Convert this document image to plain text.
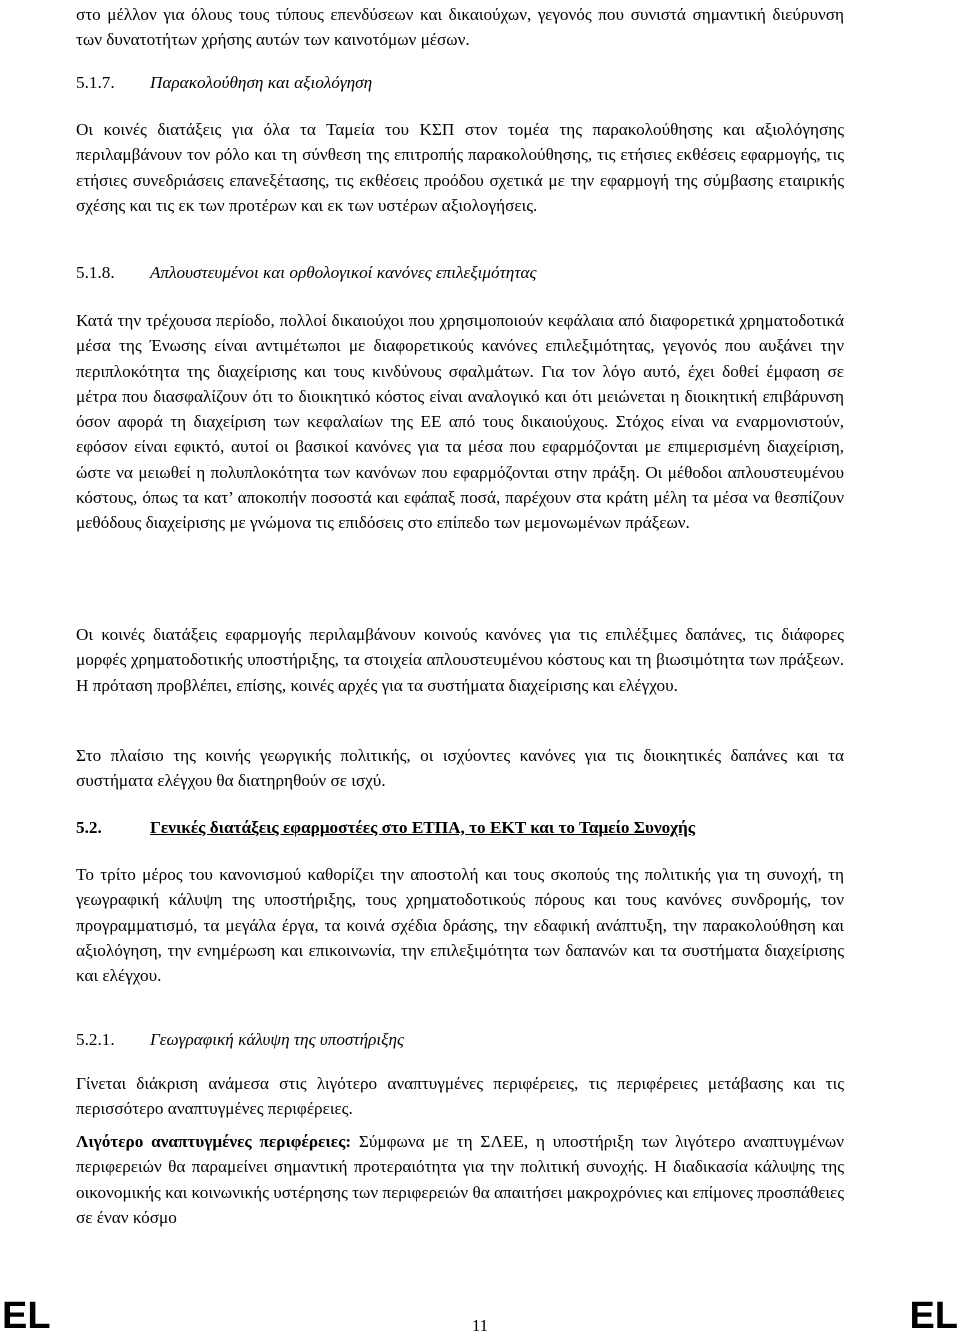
στο μέλλον για όλους τους τύπους επενδύσεων και δικαιούχων, γεγονός που συνιστά σημαντική διεύρυνση των δυνατοτήτων χρήσης αυτών των καινοτόμων μέσων.

5.1.7.	Παρακολούθηση και αξιολόγηση

Οι κοινές διατάξεις για όλα τα Ταμεία του ΚΣΠ στον τομέα της παρακολούθησης και αξιολόγησης περιλαμβάνουν τον ρόλο και τη σύνθεση της επιτροπής παρακολούθησης, τις ετήσιες εκθέσεις εφαρμογής, τις ετήσιες συνεδριάσεις επανεξέτασης, τις εκθέσεις προόδου σχετικά με την εφαρμογή της σύμβασης εταιρικής σχέσης και τις εκ των προτέρων και εκ των υστέρων αξιολογήσεις.

5.1.8.	Απλουστευμένοι και ορθολογικοί κανόνες επιλεξιμότητας

Κατά την τρέχουσα περίοδο, πολλοί δικαιούχοι που χρησιμοποιούν κεφάλαια από διαφορετικά χρηματοδοτικά μέσα της Ένωσης είναι αντιμέτωποι με διαφορετικούς κανόνες επιλεξιμότητας, γεγονός που αυξάνει την περιπλοκότητα της διαχείρισης και τους κινδύνους σφαλμάτων. Για τον λόγο αυτό, έχει δοθεί έμφαση σε μέτρα που διασφαλίζουν ότι το διοικητικό κόστος είναι αναλογικό και ότι μειώνεται η διοικητική επιβάρυνση όσον αφορά τη διαχείριση των κεφαλαίων της ΕΕ από τους δικαιούχους. Στόχος είναι να εναρμονιστούν, εφόσον είναι εφικτό, αυτοί οι βασικοί κανόνες για τα μέσα που εφαρμόζονται με επιμερισμένη διαχείριση, ώστε να μειωθεί η πολυπλοκότητα των κανόνων που εφαρμόζονται στην πράξη. Οι μέθοδοι απλουστευμένου κόστους, όπως τα κατ’ αποκοπήν ποσοστά και εφάπαξ ποσά, παρέχουν στα κράτη μέλη τα μέσα να θεσπίζουν μεθόδους διαχείρισης με γνώμονα τις επιδόσεις στο επίπεδο των μεμονωμένων πράξεων.

Οι κοινές διατάξεις εφαρμογής περιλαμβάνουν κοινούς κανόνες για τις επιλέξιμες δαπάνες, τις διάφορες μορφές χρηματοδοτικής υποστήριξης, τα στοιχεία απλουστευμένου κόστους και τη βιωσιμότητα των πράξεων. Η πρόταση προβλέπει, επίσης, κοινές αρχές για τα συστήματα διαχείρισης και ελέγχου.

Στο πλαίσιο της κοινής γεωργικής πολιτικής, οι ισχύοντες κανόνες για τις διοικητικές δαπάνες και τα συστήματα ελέγχου θα διατηρηθούν σε ισχύ.

5.2.	Γενικές διατάξεις εφαρμοστέες στο ΕΤΠΑ, το ΕΚΤ και το Ταμείο Συνοχής

Το τρίτο μέρος του κανονισμού καθορίζει την αποστολή και τους σκοπούς της πολιτικής για τη συνοχή, τη γεωγραφική κάλυψη της υποστήριξης, τους χρηματοδοτικούς πόρους και τους κανόνες συνδρομής, τον προγραμματισμό, τα μεγάλα έργα, τα κοινά σχέδια δράσης, την εδαφική ανάπτυξη, την παρακολούθηση και αξιολόγηση, την ενημέρωση και επικοινωνία, την επιλεξιμότητα των δαπανών και τα συστήματα διαχείρισης και ελέγχου.

5.2.1.	Γεωγραφική κάλυψη της υποστήριξης

Γίνεται διάκριση ανάμεσα στις λιγότερο αναπτυγμένες περιφέρειες, τις περιφέρειες μετάβασης και τις περισσότερο αναπτυγμένες περιφέρειες.

Λιγότερο αναπτυγμένες περιφέρειες: Σύμφωνα με τη ΣΛΕΕ, η υποστήριξη των λιγότερο αναπτυγμένων περιφερειών θα παραμείνει σημαντική προτεραιότητα για την πολιτική συνοχής. Η διαδικασία κάλυψης της οικονομικής και κοινωνικής υστέρησης των περιφερειών θα απαιτήσει μακροχρόνιες και επίμονες προσπάθειες σε έναν κόσμο

EL	11	EL
